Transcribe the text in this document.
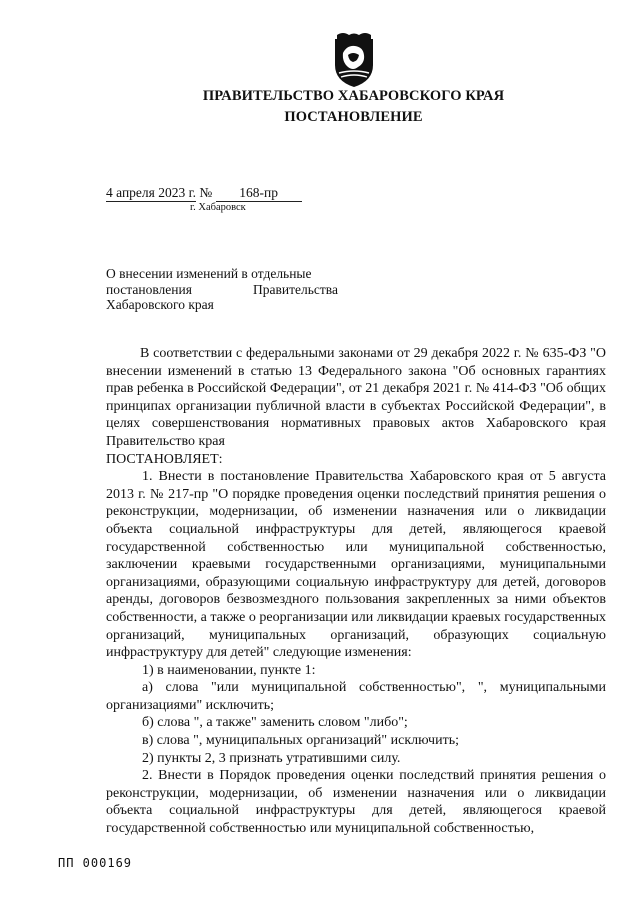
ПРАВИТЕЛЬСТВО ХАБАРОВСКОГО КРАЯ
ПОСТАНОВЛЕНИЕ
4 апреля 2023 г. № 168-пр
г. Хабаровск
О внесении изменений в отдельные
постановления Правительства
Хабаровского края

В соответствии с федеральными законами от 29 декабря 2022 г. № 635-ФЗ "О внесении изменений в статью 13 Федерального закона "Об основных гарантиях прав ребенка в Российской Федерации", от 21 декабря 2021 г. № 414-ФЗ "Об общих принципах организации публичной власти в субъектах Российской Федерации", в целях совершенствования нормативных правовых актов Хабаровского края Правительство края

ПОСТАНОВЛЯЕТ:

1. Внести в постановление Правительства Хабаровского края от 5 августа 2013 г. № 217-пр "О порядке проведения оценки последствий принятия решения о реконструкции, модернизации, об изменении назначения или о ликвидации объекта социальной инфраструктуры для детей, являющегося краевой государственной собственностью или муниципальной собственностью, заключении краевыми государственными организациями, муниципальными организациями, образующими социальную инфраструктуру для детей, договоров аренды, договоров безвозмездного пользования закрепленных за ними объектов собственности, а также о реорганизации или ликвидации краевых государственных организаций, муниципальных организаций, образующих социальную инфраструктуру для детей" следующие изменения:

1) в наименовании, пункте 1:

а) слова "или муниципальной собственностью", ", муниципальными организациями" исключить;

б) слова ", а также" заменить словом "либо";

в) слова ", муниципальных организаций" исключить;

2) пункты 2, 3 признать утратившими силу.

2. Внести в Порядок проведения оценки последствий принятия решения о реконструкции, модернизации, об изменении назначения или о ликвидации объекта социальной инфраструктуры для детей, являющегося краевой государственной собственностью или муниципальной собственностью,

ПП 000169
